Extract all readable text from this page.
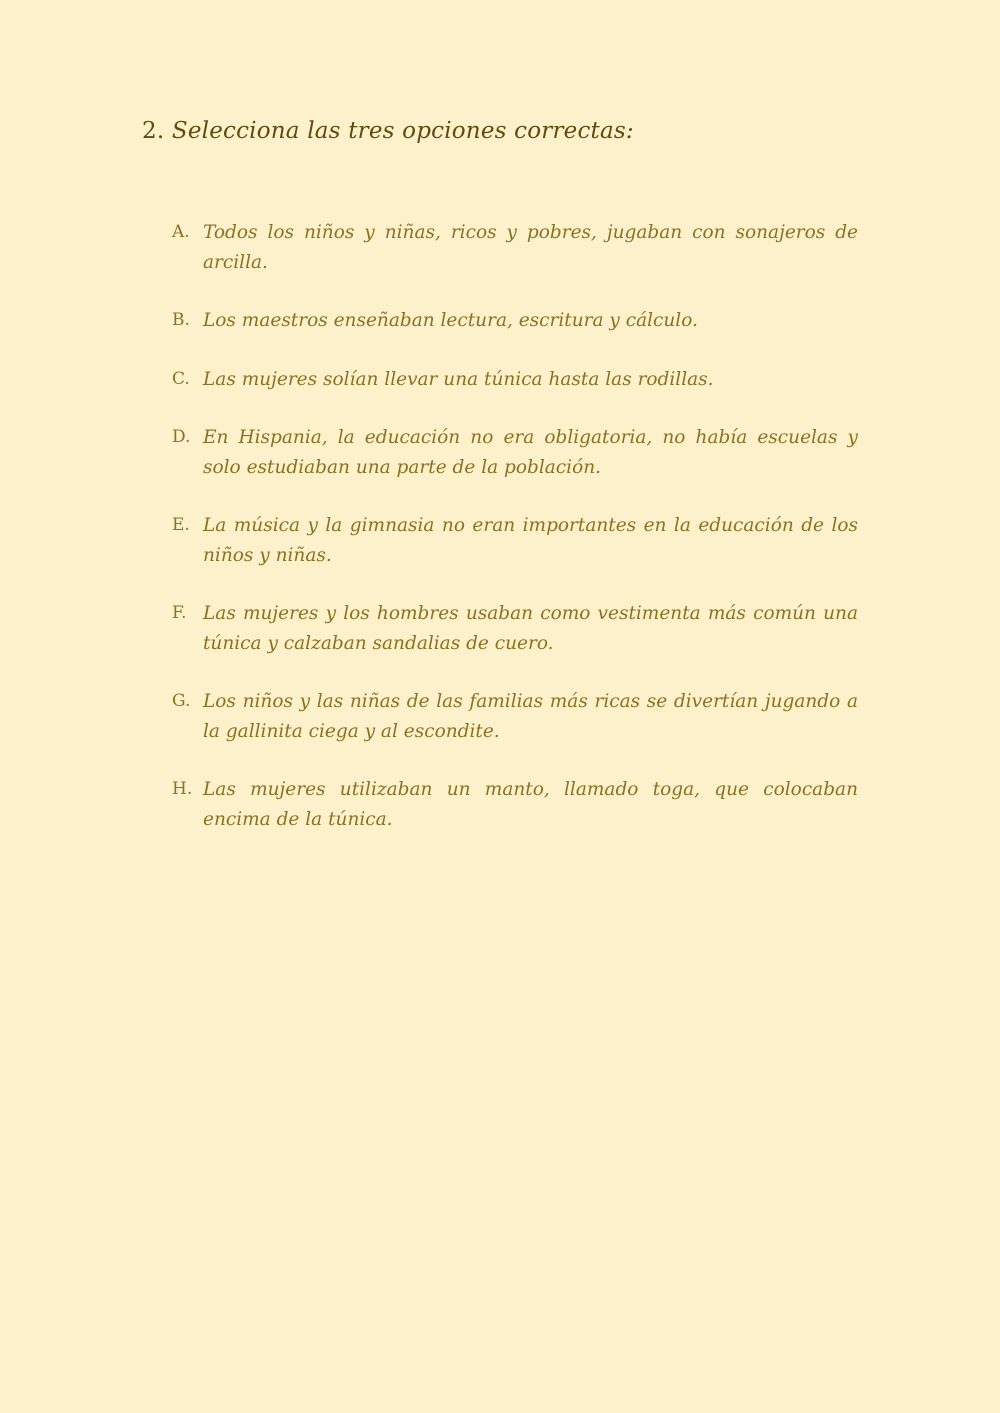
2. Selecciona las tres opciones correctas:
A. Todos los niños y niñas, ricos y pobres, jugaban con sonajeros de arcilla.
B. Los maestros enseñaban lectura, escritura y cálculo.
C. Las mujeres solían llevar una túnica hasta las rodillas.
D. En Hispania, la educación no era obligatoria, no había escuelas y solo estudiaban una parte de la población.
E. La música y la gimnasia no eran importantes en la educación de los niños y niñas.
F. Las mujeres y los hombres usaban como vestimenta más común una túnica y calzaban sandalias de cuero.
G. Los niños y las niñas de las familias más ricas se divertían jugando a la gallinita ciega y al escondite.
H. Las mujeres utilizaban un manto, llamado toga, que colocaban encima de la túnica.
